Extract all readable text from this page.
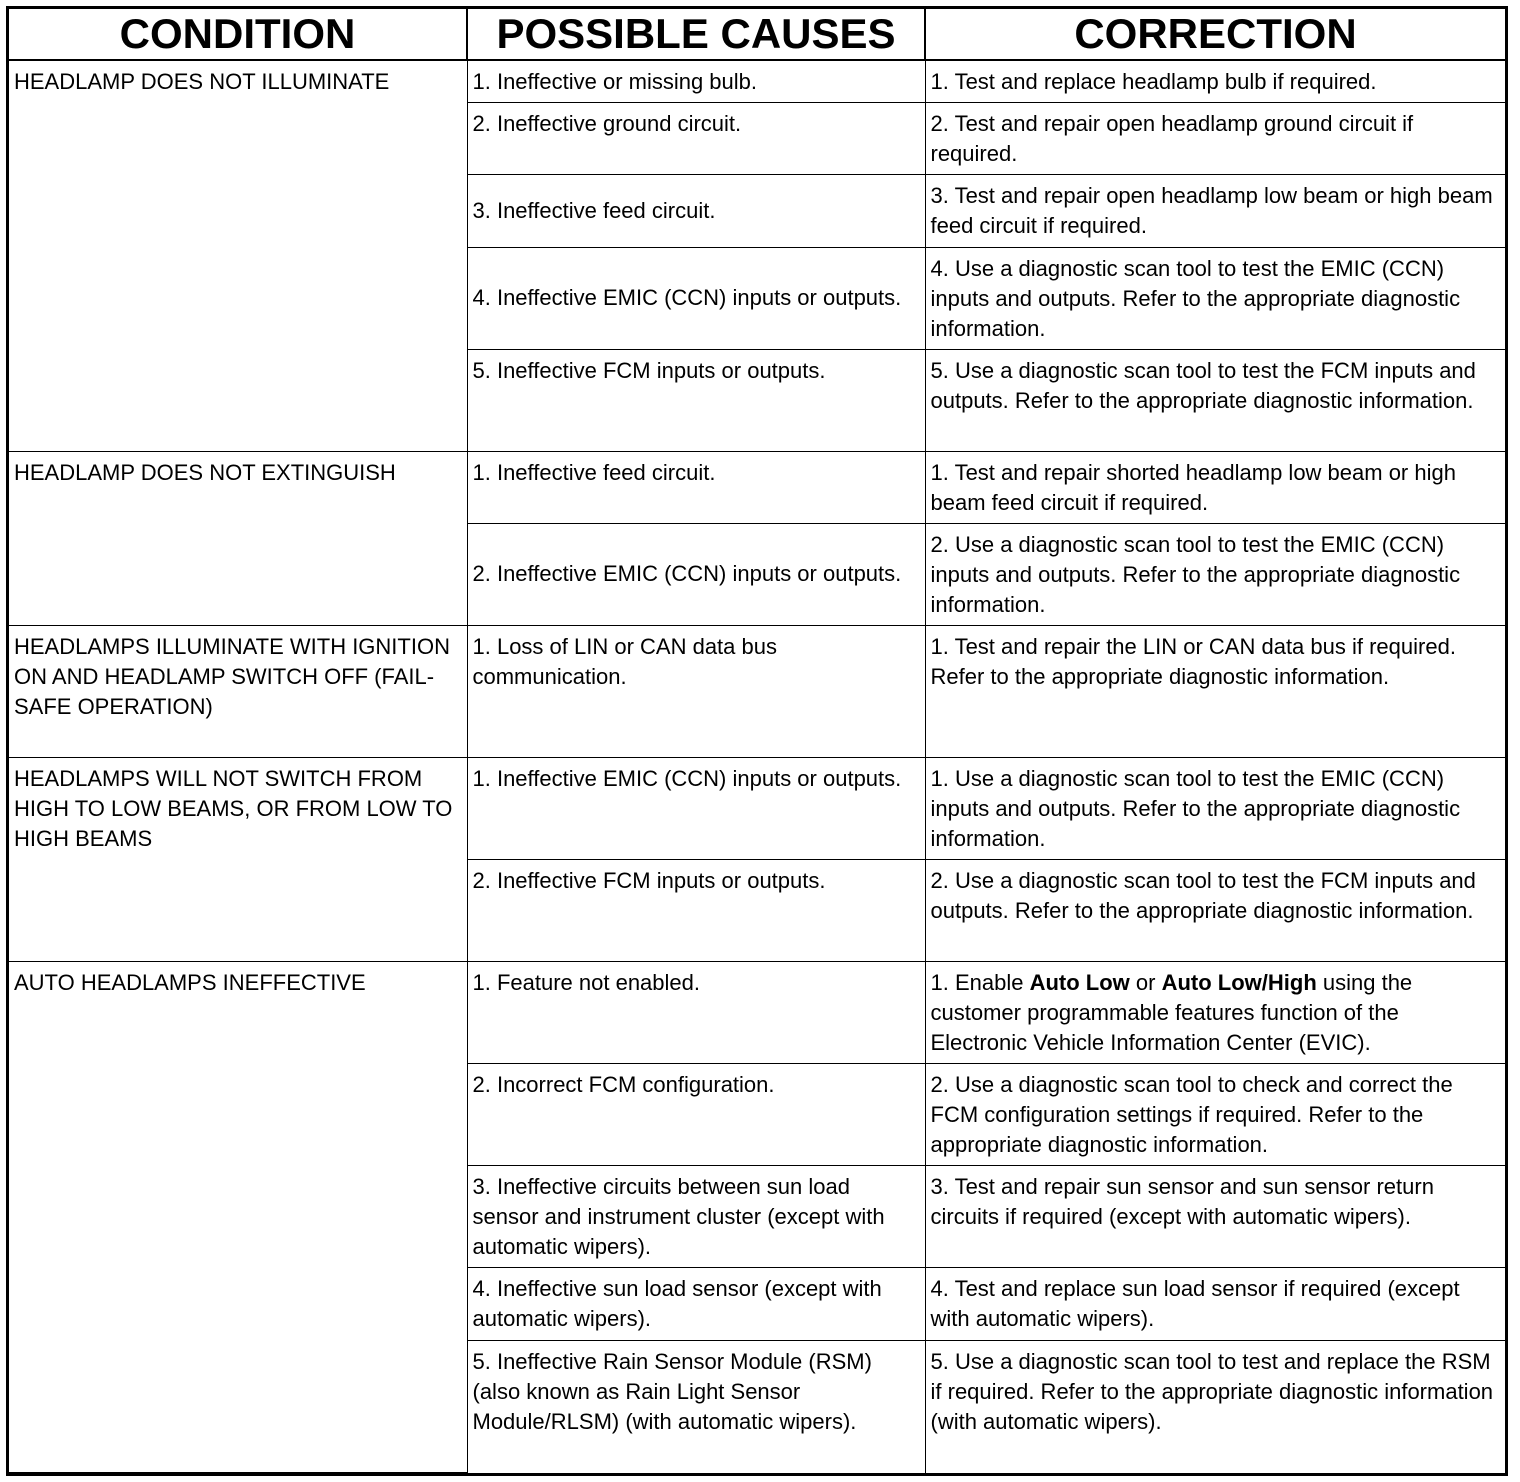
CONDITION	POSSIBLE CAUSES	CORRECTION
HEADLAMP DOES NOT ILLUMINATE	1. Ineffective or missing bulb.	1. Test and replace headlamp bulb if required.
	2. Ineffective ground circuit.	2. Test and repair open headlamp ground circuit if required.
	3. Ineffective feed circuit.	3. Test and repair open headlamp low beam or high beam feed circuit if required.
	4. Ineffective EMIC (CCN) inputs or outputs.	4. Use a diagnostic scan tool to test the EMIC (CCN) inputs and outputs. Refer to the appropriate diagnostic information.
	5. Ineffective FCM inputs or outputs.	5. Use a diagnostic scan tool to test the FCM inputs and outputs. Refer to the appropriate diagnostic information.
HEADLAMP DOES NOT EXTINGUISH	1. Ineffective feed circuit.	1. Test and repair shorted headlamp low beam or high beam feed circuit if required.
	2. Ineffective EMIC (CCN) inputs or outputs.	2. Use a diagnostic scan tool to test the EMIC (CCN) inputs and outputs. Refer to the appropriate diagnostic information.
HEADLAMPS ILLUMINATE WITH IGNITION ON AND HEADLAMP SWITCH OFF (FAIL-SAFE OPERATION)	1. Loss of LIN or CAN data bus communication.	1. Test and repair the LIN or CAN data bus if required. Refer to the appropriate diagnostic information.
HEADLAMPS WILL NOT SWITCH FROM HIGH TO LOW BEAMS, OR FROM LOW TO HIGH BEAMS	1. Ineffective EMIC (CCN) inputs or outputs.	1. Use a diagnostic scan tool to test the EMIC (CCN) inputs and outputs. Refer to the appropriate diagnostic information.
	2. Ineffective FCM inputs or outputs.	2. Use a diagnostic scan tool to test the FCM inputs and outputs. Refer to the appropriate diagnostic information.
AUTO HEADLAMPS INEFFECTIVE	1. Feature not enabled.	1. Enable Auto Low or Auto Low/High using the customer programmable features function of the Electronic Vehicle Information Center (EVIC).
	2. Incorrect FCM configuration.	2. Use a diagnostic scan tool to check and correct the FCM configuration settings if required. Refer to the appropriate diagnostic information.
	3. Ineffective circuits between sun load sensor and instrument cluster (except with automatic wipers).	3. Test and repair sun sensor and sun sensor return circuits if required (except with automatic wipers).
	4. Ineffective sun load sensor (except with automatic wipers).	4. Test and replace sun load sensor if required (except with automatic wipers).
	5. Ineffective Rain Sensor Module (RSM) (also known as Rain Light Sensor Module/RLSM) (with automatic wipers).	5. Use a diagnostic scan tool to test and replace the RSM if required. Refer to the appropriate diagnostic information (with automatic wipers).
